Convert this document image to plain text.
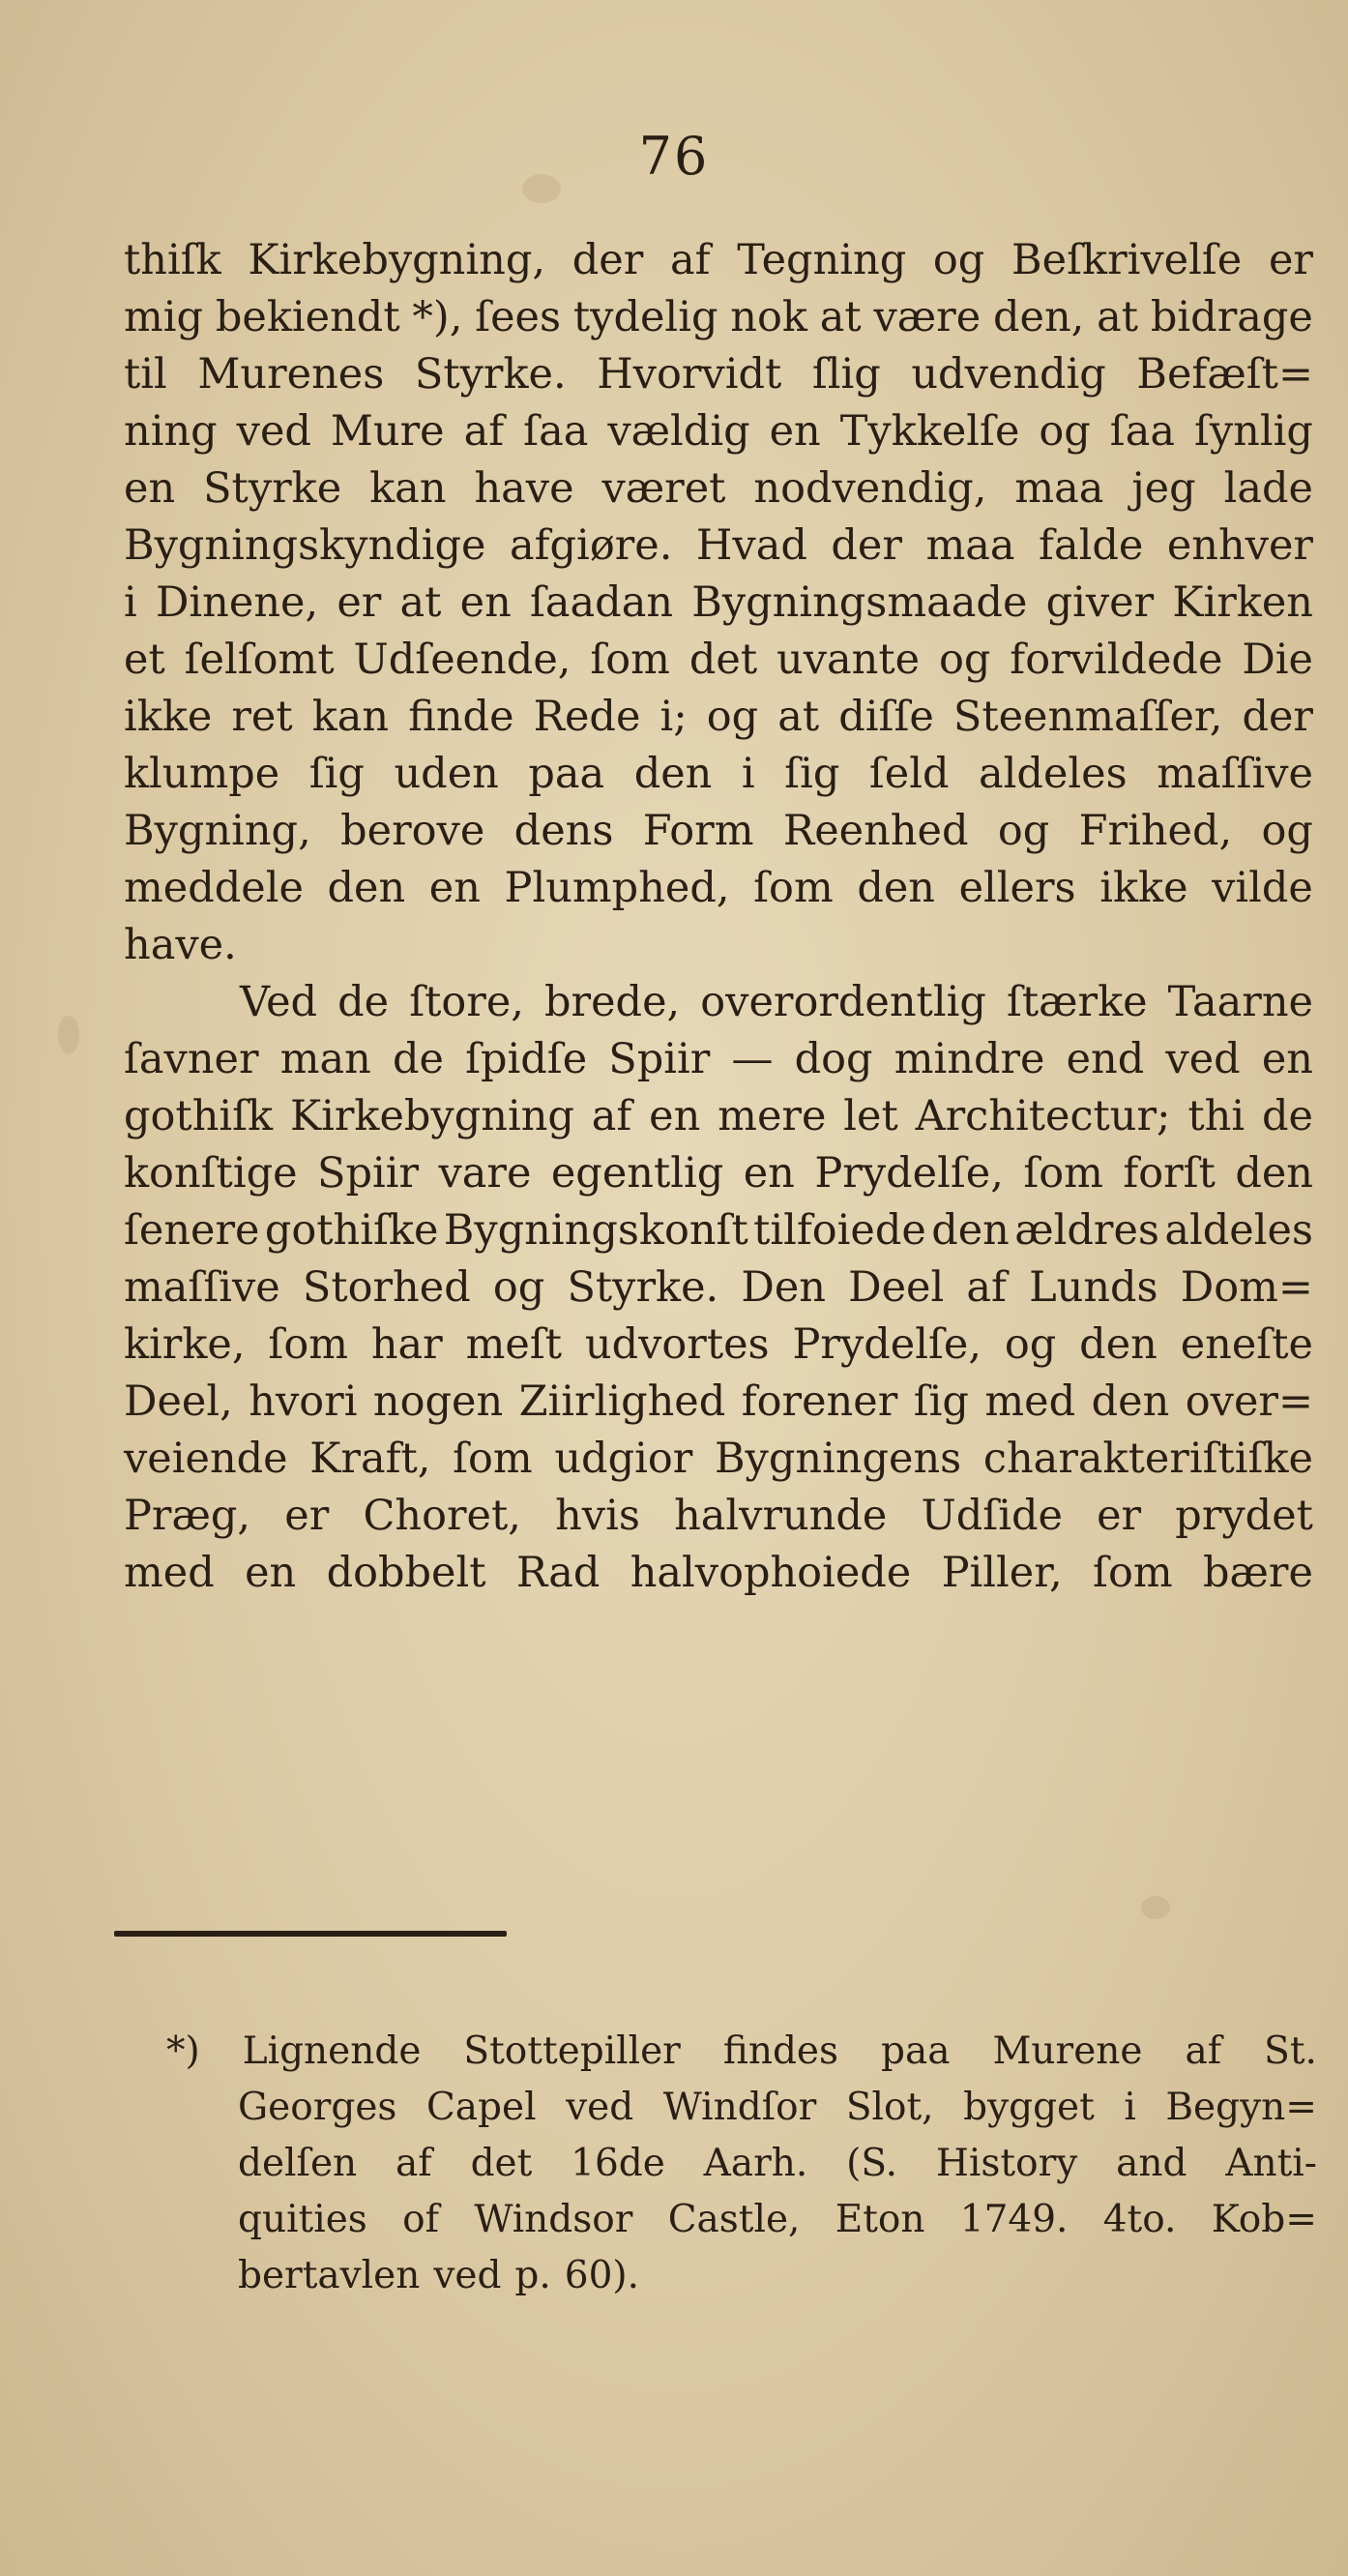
76
thiſk Kirkebygning, der af Tegning og Beſkrivelſe er
mig bekiendt *), ſees tydelig nok at være den, at bidrage
til Murenes Styrke. Hvorvidt ſlig udvendig Befæſt=
ning ved Mure af ſaa vældig en Tykkelſe og ſaa ſynlig
en Styrke kan have været nodvendig, maa jeg lade
Bygningskyndige afgiøre. Hvad der maa falde enhver
i Dinene, er at en ſaadan Bygningsmaade giver Kirken
et ſelſomt Udſeende, ſom det uvante og forvildede Die
ikke ret kan finde Rede i; og at diſſe Steenmaſſer, der
klumpe ſig uden paa den i ſig ſeld aldeles maſſive
Bygning, berove dens Form Reenhed og Frihed, og
meddele den en Plumphed, ſom den ellers ikke vilde
have.
Ved de ſtore, brede, overordentlig ſtærke Taarne
ſavner man de ſpidſe Spiir — dog mindre end ved en
gothiſk Kirkebygning af en mere let Architectur; thi de
konſtige Spiir vare egentlig en Prydelſe, ſom forſt den
ſenere gothiſke Bygningskonſt tilfoiede den ældres aldeles
maſſive Storhed og Styrke. Den Deel af Lunds Dom=
kirke, ſom har meſt udvortes Prydelſe, og den eneſte
Deel, hvori nogen Ziirlighed forener ſig med den over=
veiende Kraft, ſom udgior Bygningens charakteriſtiſke
Præg, er Choret, hvis halvrunde Udſide er prydet
med en dobbelt Rad halvophoiede Piller, ſom bære
*) Lignende Stottepiller findes paa Murene af St.
Georges Capel ved Windſor Slot, bygget i Begyn=
delſen af det 16de Aarh. (S. History and Anti-
quities of Windsor Castle, Eton 1749. 4to. Kob=
bertavlen ved p. 60).
